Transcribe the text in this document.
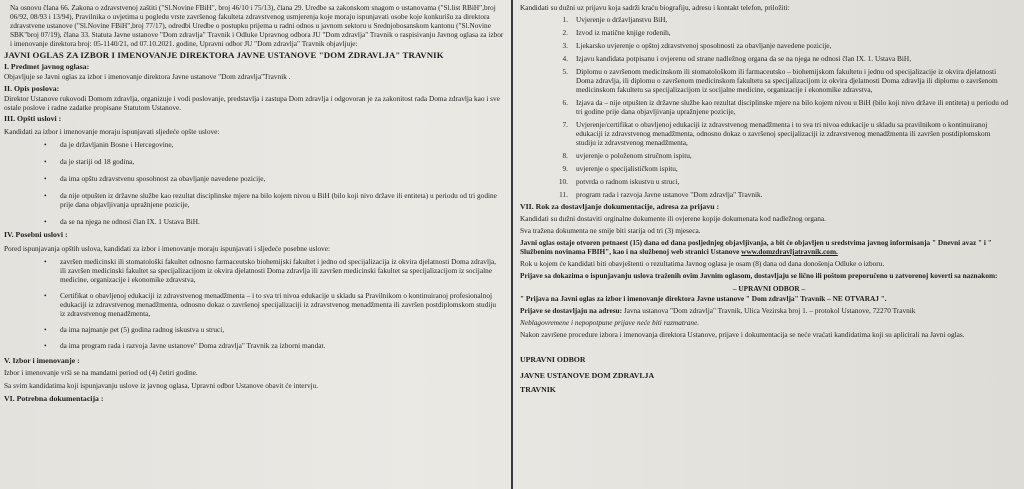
Na osnovu člana 66. Zakona o zdravstvenoj zaštiti ("Sl.Novine FBiH", broj 46/10 i 75/13), člana 29. Uredbe sa zakonskom snagom o ustanovama ("Sl.list RBiH",broj 06/92, 08/93 i 13/94), Pravilnika o uvjetima u pogledu vrste završenog fakulteta zdravstvenog usmjerenja koje moraju ispunjavati osobe koje konkurišu za direktora zdravstvene ustanove ("Sl.Novine FBiH",broj 77/17), odredbi Uredbe o postupku prijema u radni odnos u javnom sektoru u Srednjobosanskom kantonu ("Sl.Novine SBK"broj 07/19), člana 33. Statuta Javne ustanove "Dom zdravlja" Travnik i Odluke Upravnog odbora JU "Dom zdravlja" Travnik o raspisivanju Javnog oglasa za izbor i imenovanje direktora broj: 05-1140/21, od 07.10.2021. godine, Upravni odbor JU "Dom zdravlja" Travnik objavljuje:

JAVNI OGLAS ZA IZBOR I IMENOVANJE DIREKTORA JAVNE USTANOVE "DOM ZDRAVLJA" TRAVNIK

I. Predmet javnog oglasa:

Objavljuje se Javni oglas za izbor i imenovanje direktora Javne ustanove "Dom zdravlja"Travnik .

II. Opis poslova:

Direktor Ustanove rukovodi Domom zdravlja, organizuje i vodi poslovanje, predstavlja i zastupa Dom zdravlja i odgovoran je za zakonitost rada Doma zdravlja kao i sve ostale poslove i radne zadatke propisane Statutom Ustanove.

III. Opšti uslovi :

Kandidati za izbor i imenovanje moraju ispunjavati sljedeće opšte uslove:

• da je državljanin Bosne i Hercegovine,
• da je stariji od 18 godina,
• da ima opštu zdravstvenu sposobnost za obavljanje navedene pozicije,
• da nije otpušten iz državne službe kao rezultat disciplinske mjere na bilo kojem nivou u BiH (bilo koji nivo države ili entiteta) u periodu od tri godine prije dana objavljivanja upražnjene pozicije,
• da se na njega ne odnosi član IX. 1 Ustava BiH.

IV. Posebni uslovi :

Pored ispunjavanja opštih uslova, kandidati za izbor i imenovanje moraju ispunjavati i sljedeće posebne uslove:

• završen medicinski ili stomatološki fakultet odnosno farmaceutsko biohemijski fakultet i jedno od specijalizacija iz okvira djelatnosti Doma zdravlja, ili završen medicinski fakultet sa specijalizacijom iz okvira djelatnosti Doma zdravlja ili završen medicinski fakultet sa specijalizacijom iz socijalne medicine, organizacije i ekonomike zdravstva,
• Certifikat o obavljenoj edukaciji iz zdravstvenog menadžmenta – i to sva tri nivoa edukacije u skladu sa Pravilnikom o kontinuiranoj profesionalnoj edukaciji iz zdravstvenog menadžmenta, odnosno dokaz o završenoj specijalizaciji iz zdravstvenog menadžmenta ili završen postdiplomskom studiju iz zdravstvenog menadžmenta,
• da ima najmanje pet (5) godina radnog iskustva u struci,
• da ima program rada i razvoja Javne ustanove" Doma zdravlja" Travnik za izborni mandat.

V. Izbor i imenovanje :

Izbor i imenovanje vrši se na mandatni period od (4) četiri godine.

Sa svim kandidatima koji ispunjavanju uslove iz javnog oglasa, Upravni odbor Ustanove obavit će intervju.

VI. Potrebna dokumentacija :

Kandidati su dužni uz prijavu koja sadrži kraću biografiju, adresu i kontakt telefon, priložiti:

1. Uvjerenje o državljanstvu BiH,
2. Izvod iz matične knjige rođenih,
3. Ljekarsko uvjerenje o opštoj zdravstvenoj sposobnosti za obavljanje navedene pozicije,
4. Izjavu kandidata potpisanu i ovjerenu od strane nadležnog organa da se na njega ne odnosi član IX. 1. Ustava BiH,
5. Diplomu o završenom medicinskom ili stomatološkom ili farmaceutsko – biohemijskom fakultetu i jednu od specijalizacije iz okvira djelatnosti Doma zdravlja, ili diplomu o završenom medicinskom fakultetu sa specijalizacijom iz okvira djelatnosti Doma zdravlja ili diplomu o završenom medicinskom fakultetu sa specijalizacijom iz socijalne medicine, organizacije i ekonomike zdravstva,
6. Izjava da – nije otpušten iz državne službe kao rezultat disciplinske mjere na bilo kojem nivou u BiH (bilo koji nivo države ili entiteta) u periodu od tri godine prije dana objavljivanja upražnjene pozicije,
7. Uvjerenje/certifikat o obavljenoj edukaciji iz zdravstvenog menadžmenta i to sva tri nivoa edukacije u skladu sa pravilnikom o kontinuiranoj edukaciji iz zdravstvenog menadžmenta, odnosno dokaz o završenoj specijalizaciji iz zdravstvenog menadžmenta ili završen postdiplomskom studiju iz zdravstvenog menadžmenta,
8. uvjerenje o položenom stručnom ispitu,
9. uvjerenje o specijalističkom ispitu,
10. potvrda o radnom iskustvu u struci,
11. program rada i razvoja Javne ustanove "Dom zdravlja" Travnik.

VII. Rok za dostavljanje dokumentacije, adresa za prijavu :

Kandidati su dužni dostaviti orginalne dokumente ili ovjerene kopije dokumenata kod nadležnog organa.

Sva tražena dokumenta ne smije biti starija od tri (3) mjeseca.

Javni oglas ostaje otvoren petnaest (15) dana od dana posljednjeg objavljivanja, a bit će objavljen u sredstvima javnog informisanja " Dnevni avaz " i " Službenim novinama FBIH", kao i na službenoj web stranici Ustanove www.domzdravljatravnik.com.

Rok u kojem će kandidati biti obavještenti o rezultatima Javnog oglasa je osam (8) dana od dana donošenja Odluke o izboru.

Prijave sa dokazima o ispunjavanju uslova traženih ovim Javnim oglasom, dostavljaju se lično ili poštom preporučeno u zatvorenoj koverti sa naznakom:

– UPRAVNI ODBOR –

" Prijava na Javni oglas za izbor i imenovanje direktora Javne ustanove " Dom zdravlja" Travnik – NE OTVARAJ ".

Prijave se dostavljaju na adresu: Javna ustanova "Dom zdravlja" Travnik, Ulica Vezirska broj 1. – protokol Ustanove, 72270 Travnik

Neblagovremene i nepopotpune prijave neće biti razmatrane.

Nakon završene procedure izbora i imenovanja direktora Ustanove, prijave i dokumentacija se neće vraćati kandidatima koji su aplicirali na Javni oglas.

UPRAVNI ODBOR

JAVNE USTANOVE DOM ZDRAVLJA

TRAVNIK
